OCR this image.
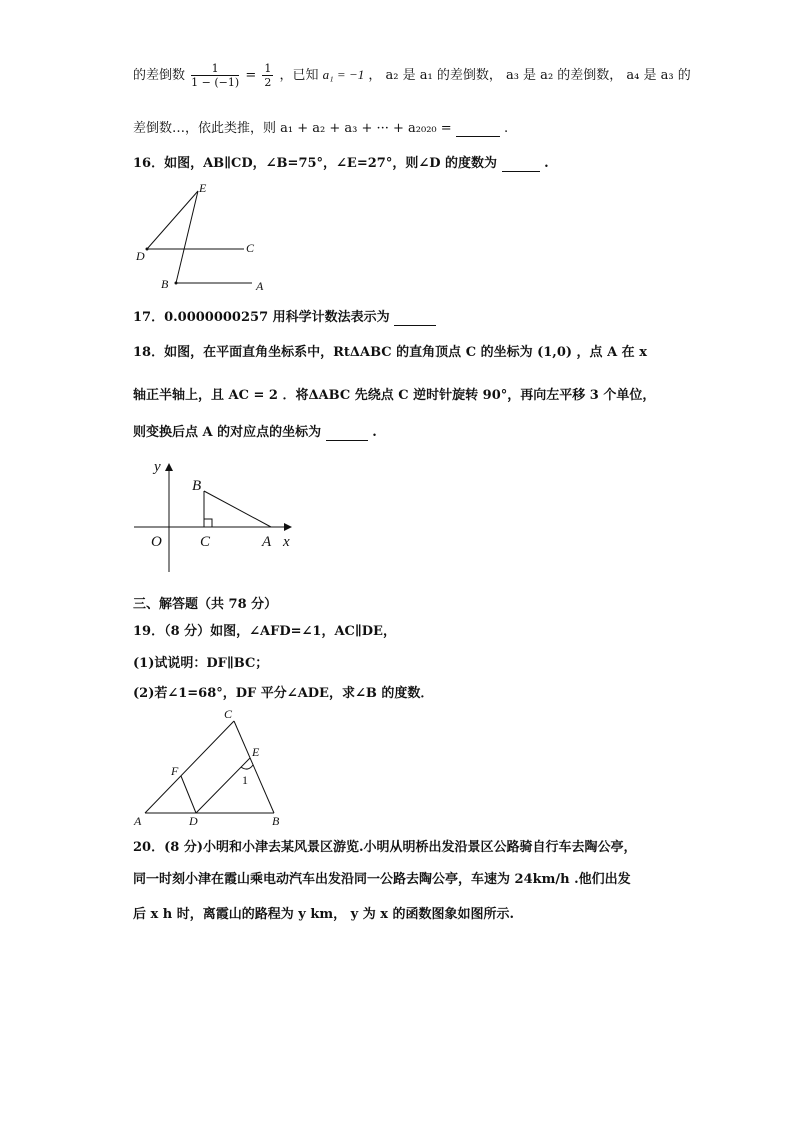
的差倒数 $\frac{1}{1 - (-1)} = \frac{1}{2}$ ，已知 a₁ = −1 ， a₂ 是 a₁ 的差倒数， a₃ 是 a₂ 的差倒数， a₄ 是 a₃ 的
差倒数…，依此类推，则 a₁ + a₂ + a₃ + ··· + a₂₀₂₀ =	.
16．如图，AB∥CD，∠B=75°，∠E=27°，则∠D 的度数为	.
E
D
C
B	A
17．0.0000000257 用科学计数法表示为
18．如图，在平面直角坐标系中，RtΔABC 的直角顶点 C 的坐标为 (1,0) ，点 A 在 x
轴正半轴上，且 AC = 2 ．将ΔABC 先绕点 C 逆时针旋转 90°，再向左平移 3 个单位，
则变换后点 A 的对应点的坐标为	.
y
x
O
B
C	A
三、解答题（共 78 分）
19．（8 分）如图，∠AFD=∠1，AC∥DE，
(1)试说明：DF∥BC；
(2)若∠1=68°，DF 平分∠ADE，求∠B 的度数．
C
E
F
1
A	D	B
20．(8 分)小明和小津去某风景区游览.小明从明桥出发沿景区公路骑自行车去陶公亭，
同一时刻小津在霞山乘电动汽车出发沿同一公路去陶公亭，车速为 24km/h .他们出发
后 x h 时，离霞山的路程为 y km， y 为 x 的函数图象如图所示.
